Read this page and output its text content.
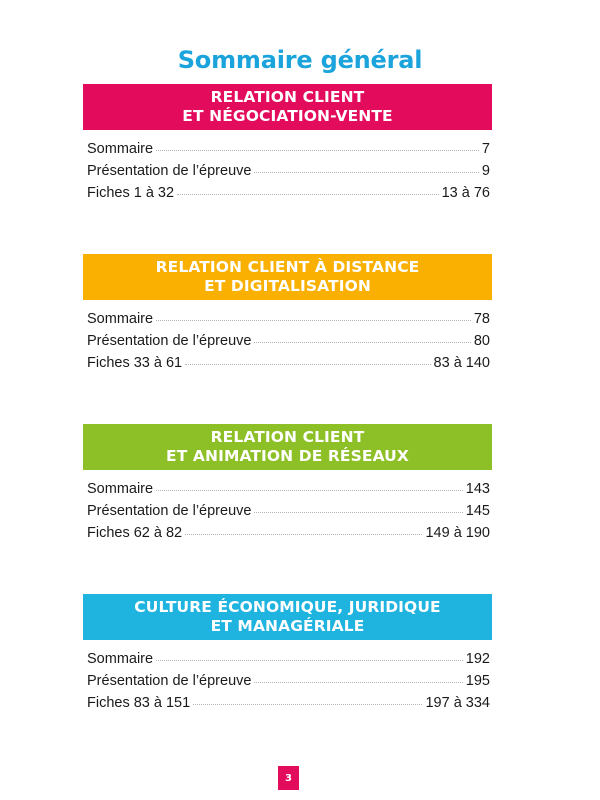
Sommaire général
RELATION CLIENT
ET NÉGOCIATION-VENTE
Sommaire	7
Présentation de l’épreuve	9
Fiches 1 à 32	13 à 76
RELATION CLIENT À DISTANCE
ET DIGITALISATION
Sommaire	78
Présentation de l’épreuve	80
Fiches 33 à 61	83 à 140
RELATION CLIENT
ET ANIMATION DE RÉSEAUX
Sommaire	143
Présentation de l’épreuve	145
Fiches 62 à 82	149 à 190
CULTURE ÉCONOMIQUE, JURIDIQUE
ET MANAGÉRIALE
Sommaire	192
Présentation de l’épreuve	195
Fiches 83 à 151	197 à 334
3
